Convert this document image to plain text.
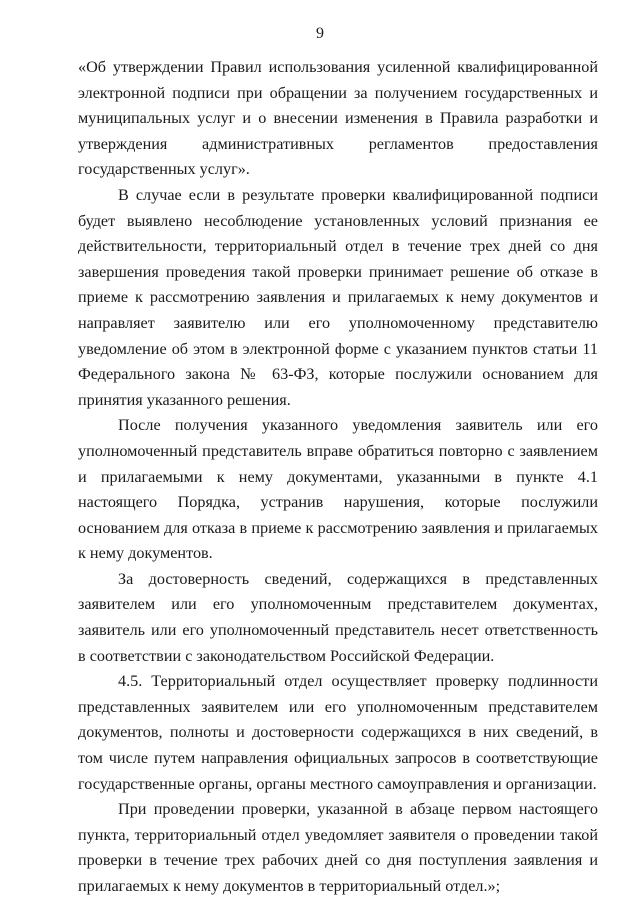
9

«Об утверждении Правил использования усиленной квалифицированной электронной подписи при обращении за получением государственных и муниципальных услуг и о внесении изменения в Правила разработки и утверждения административных регламентов предоставления государственных услуг».

В случае если в результате проверки квалифицированной подписи будет выявлено несоблюдение установленных условий признания ее действительности, территориальный отдел в течение трех дней со дня завершения проведения такой проверки принимает решение об отказе в приеме к рассмотрению заявления и прилагаемых к нему документов и направляет заявителю или его уполномоченному представителю уведомление об этом в электронной форме с указанием пунктов статьи 11 Федерального закона № 63-ФЗ, которые послужили основанием для принятия указанного решения.

После получения указанного уведомления заявитель или его уполномоченный представитель вправе обратиться повторно с заявлением и прилагаемыми к нему документами, указанными в пункте 4.1 настоящего Порядка, устранив нарушения, которые послужили основанием для отказа в приеме к рассмотрению заявления и прилагаемых к нему документов.

За достоверность сведений, содержащихся в представленных заявителем или его уполномоченным представителем документах, заявитель или его уполномоченный представитель несет ответственность в соответствии с законодательством Российской Федерации.

4.5. Территориальный отдел осуществляет проверку подлинности представленных заявителем или его уполномоченным представителем документов, полноты и достоверности содержащихся в них сведений, в том числе путем направления официальных запросов в соответствующие государственные органы, органы местного самоуправления и организации.

При проведении проверки, указанной в абзаце первом настоящего пункта, территориальный отдел уведомляет заявителя о проведении такой проверки в течение трех рабочих дней со дня поступления заявления и прилагаемых к нему документов в территориальный отдел.»;
